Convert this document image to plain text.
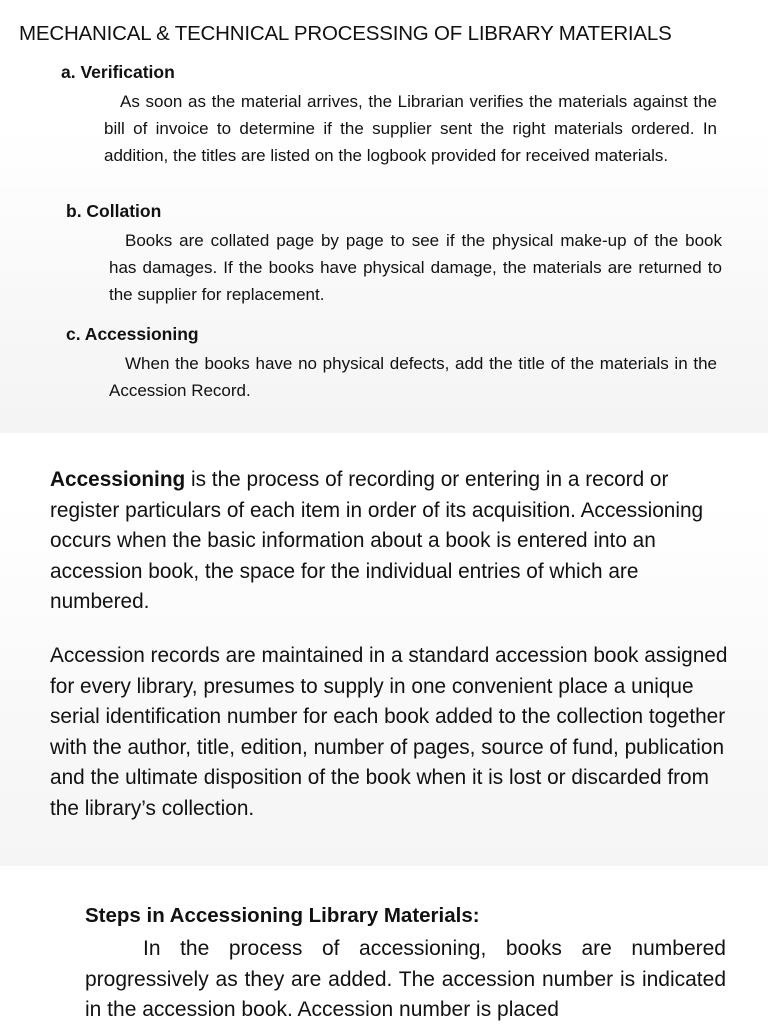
MECHANICAL & TECHNICAL PROCESSING OF LIBRARY MATERIALS
a. Verification

As soon as the material arrives, the Librarian verifies the materials against the bill of invoice to determine if the supplier sent the right materials ordered. In addition, the titles are listed on the logbook provided for received materials.

b. Collation

Books are collated page by page to see if the physical make-up of the book has damages. If the books have physical damage, the materials are returned to the supplier for replacement.

c. Accessioning

When the books have no physical defects, add the title of the materials in the Accession Record.

Accessioning is the process of recording or entering in a record or register particulars of each item in order of its acquisition. Accessioning occurs when the basic information about a book is entered into an accession book, the space for the individual entries of which are numbered.
Accession records are maintained in a standard accession book assigned for every library, presumes to supply in one convenient place a unique serial identification number for each book added to the collection together with the author, title, edition, number of pages, source of fund, publication and the ultimate disposition of the book when it is lost or discarded from the library’s collection.
Steps in Accessioning Library Materials:

In the process of accessioning, books are numbered progressively as they are added. The accession number is indicated in the accession book. Accession number is placed
